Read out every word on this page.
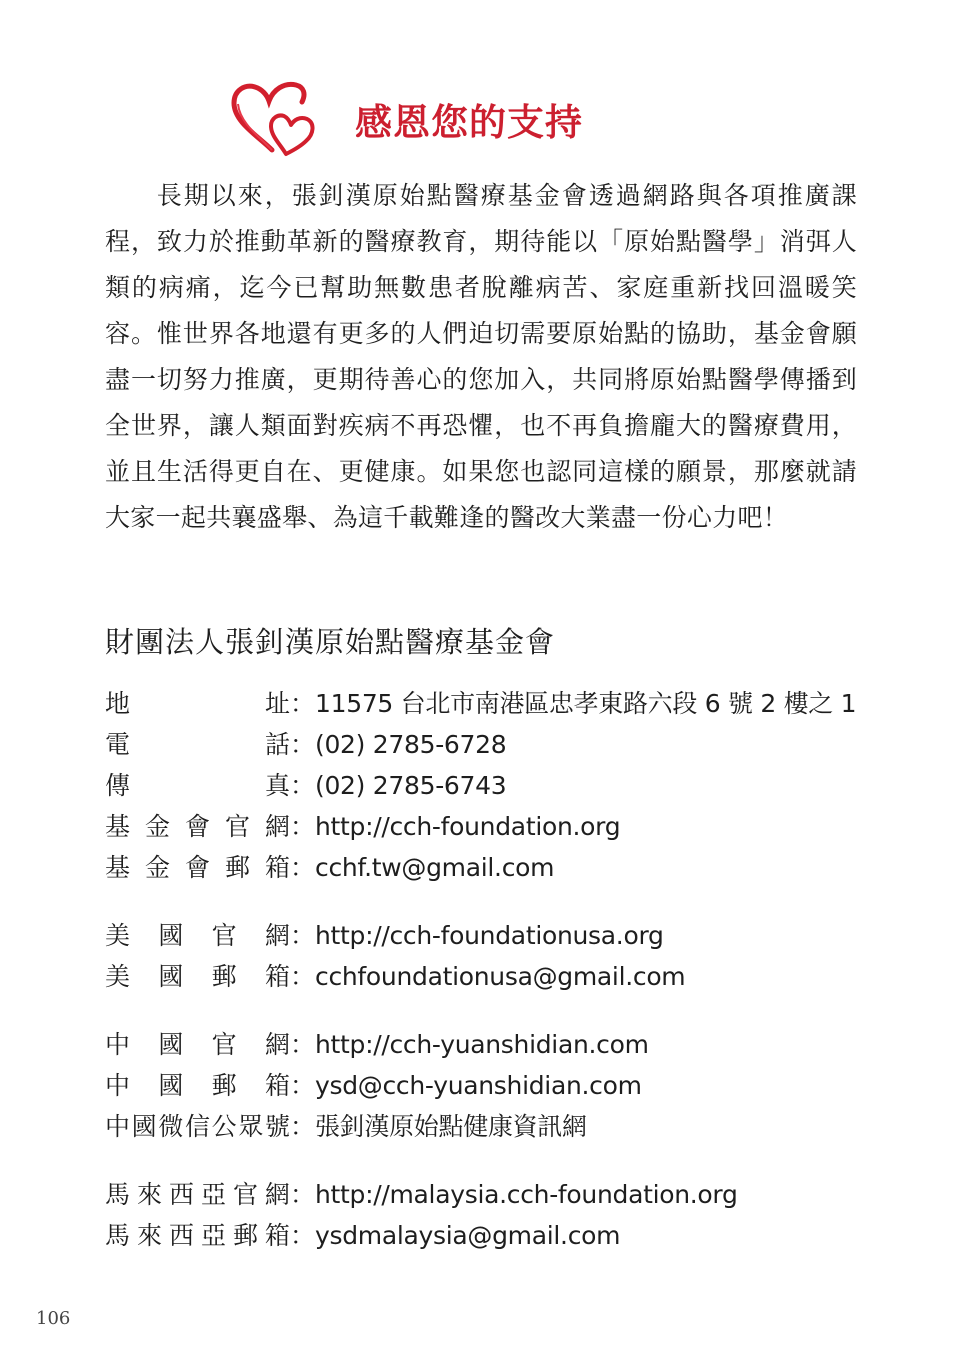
感恩您的支持

長期以來，張釗漢原始點醫療基金會透過網路與各項推廣課程，致力於推動革新的醫療教育，期待能以「原始點醫學」消弭人類的病痛，迄今已幫助無數患者脫離病苦、家庭重新找回溫暖笑容。惟世界各地還有更多的人們迫切需要原始點的協助，基金會願盡一切努力推廣，更期待善心的您加入，共同將原始點醫學傳播到全世界，讓人類面對疾病不再恐懼，也不再負擔龐大的醫療費用，並且生活得更自在、更健康。如果您也認同這樣的願景，那麼就請大家一起共襄盛舉、為這千載難逢的醫改大業盡一份心力吧！

財團法人張釗漢原始點醫療基金會
地	址 ： 11575 台北市南港區忠孝東路六段 6 號 2 樓之 1
電	話 ： (02) 2785-6728
傳	真 ： (02) 2785-6743
基 金 會 官 網 ： http://cch-foundation.org
基 金 會 郵 箱 ： cchf.tw@gmail.com
美 國 官 網 ： http://cch-foundationusa.org
美 國 郵 箱 ： cchfoundationusa@gmail.com
中 國 官 網 ： http://cch-yuanshidian.com
中 國 郵 箱 ： ysd@cch-yuanshidian.com
中 國 微 信 公 眾 號 ： 張釗漢原始點健康資訊網
馬 來 西 亞 官 網 ： http://malaysia.cch-foundation.org
馬 來 西 亞 郵 箱 ： ysdmalaysia@gmail.com
106
